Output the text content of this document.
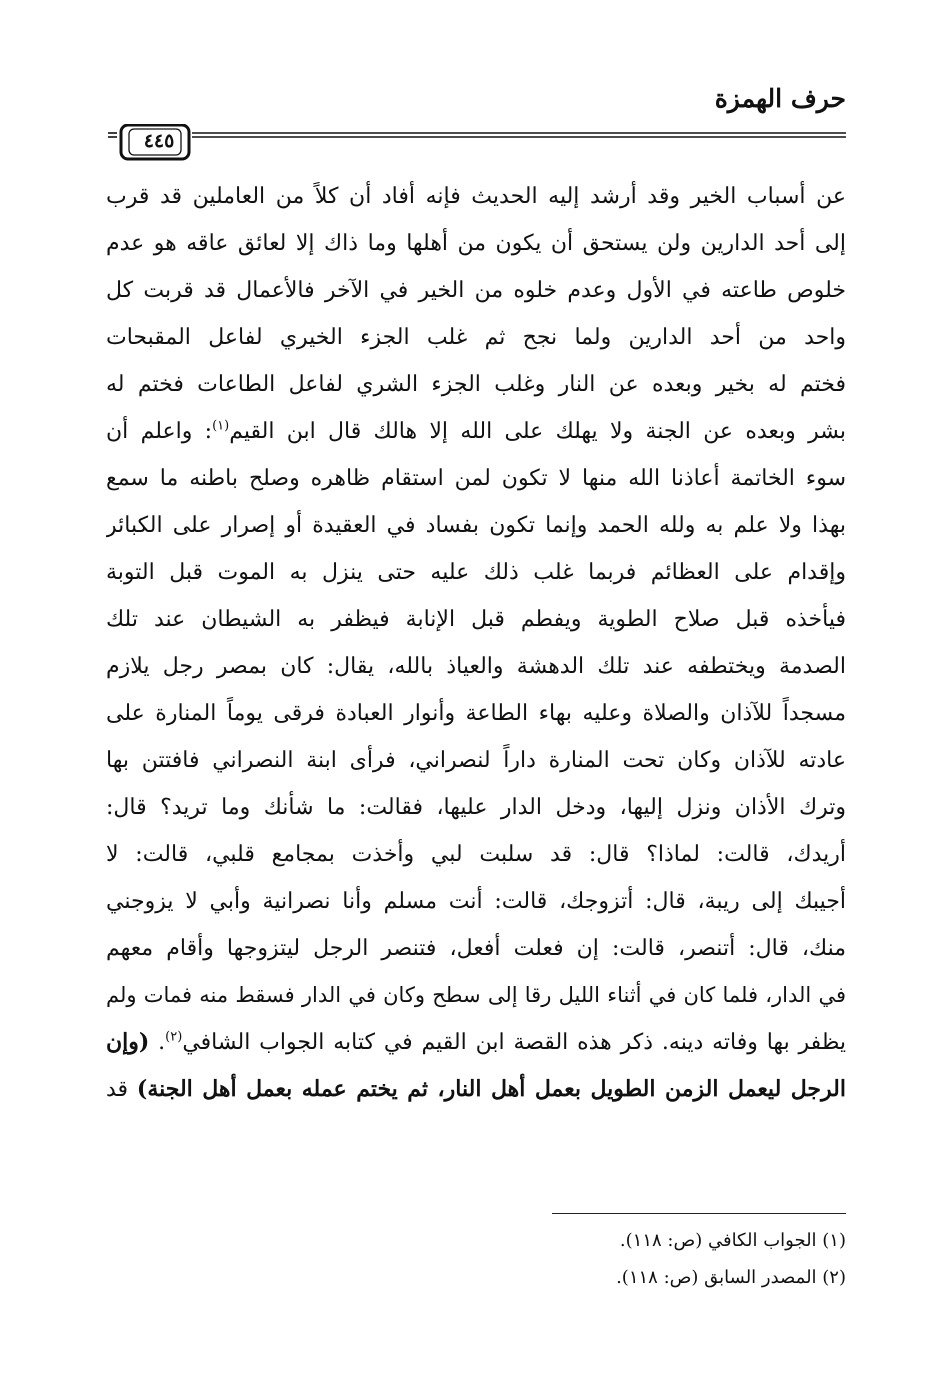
حرف الهمزة
٤٤٥
عن أسباب الخير وقد أرشد إليه الحديث فإنه أفاد أن كلاً من العاملين قد قرب
إلى أحد الدارين ولن يستحق أن يكون من أهلها وما ذاك إلا لعائق عاقه هو عدم
خلوص طاعته في الأول وعدم خلوه من الخير في الآخر فالأعمال قد قربت كل
واحد من أحد الدارين ولما نجح ثم غلب الجزء الخيري لفاعل المقبحات
فختم له بخير وبعده عن النار وغلب الجزء الشري لفاعل الطاعات فختم له
بشر وبعده عن الجنة ولا يهلك على الله إلا هالك قال ابن القيم$^{(١)}$: واعلم أن
سوء الخاتمة أعاذنا الله منها لا تكون لمن استقام ظاهره وصلح باطنه ما سمع
بهذا ولا علم به ولله الحمد وإنما تكون بفساد في العقيدة أو إصرار على الكبائر
وإقدام على العظائم فربما غلب ذلك عليه حتى ينزل به الموت قبل التوبة
فيأخذه قبل صلاح الطوية ويفطم قبل الإنابة فيظفر به الشيطان عند تلك
الصدمة ويختطفه عند تلك الدهشة والعياذ بالله، يقال: كان بمصر رجل يلازم
مسجداً للآذان والصلاة وعليه بهاء الطاعة وأنوار العبادة فرقى يوماً المنارة على
عادته للآذان وكان تحت المنارة داراً لنصراني، فرأى ابنة النصراني فافتتن بها
وترك الأذان ونزل إليها، ودخل الدار عليها، فقالت: ما شأنك وما تريد؟ قال:
أريدك، قالت: لماذا؟ قال: قد سلبت لبي وأخذت بمجامع قلبي، قالت: لا
أجيبك إلى ريبة، قال: أتزوجك، قالت: أنت مسلم وأنا نصرانية وأبي لا يزوجني
منك، قال: أتنصر، قالت: إن فعلت أفعل، فتنصر الرجل ليتزوجها وأقام معهم
في الدار، فلما كان في أثناء الليل رقا إلى سطح وكان في الدار فسقط منه فمات ولم
يظفر بها وفاته دينه. ذكر هذه القصة ابن القيم في كتابه الجواب الشافي$^{(٢)}$. (وإن
الرجل ليعمل الزمن الطويل بعمل أهل النار، ثم يختم عمله بعمل أهل الجنة) قد
(١) الجواب الكافي (ص: ١١٨).
(٢) المصدر السابق (ص: ١١٨).
